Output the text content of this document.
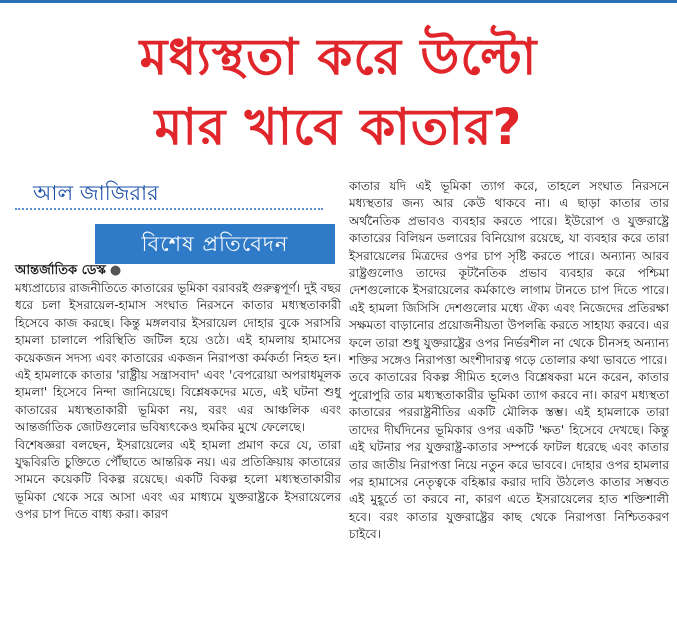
মধ্যস্থতা করে উল্টো
মার খাবে কাতার?
আল জাজিরার
বিশেষ প্রতিবেদন
আন্তর্জাতিক ডেস্ক ●

মধ্যপ্রাচ্যের রাজনীতিতে কাতারের ভূমিকা বরাবরই গুরুত্বপূর্ণ। দুই বছর ধরে চলা ইসরায়েল-হামাস সংঘাত নিরসনে কাতার মধ্যস্থতাকারী হিসেবে কাজ করছে। কিন্তু মঙ্গলবার ইসরায়েল দোহার বুকে সরাসরি হামলা চালালে পরিস্থিতি জটিল হয়ে ওঠে। এই হামলায় হামাসের কয়েকজন সদস্য এবং কাতারের একজন নিরাপত্তা কর্মকর্তা নিহত হন। এই হামলাকে কাতার 'রাষ্ট্রীয় সন্ত্রাসবাদ' এবং 'বেপরোয়া অপরাধমূলক হামলা' হিসেবে নিন্দা জানিয়েছে। বিশ্লেষকদের মতে, এই ঘটনা শুধু কাতারের মধ্যস্থতাকারী ভূমিকা নয়, বরং এর আঞ্চলিক এবং আন্তর্জাতিক জোটগুলোর ভবিষ্যৎকেও হুমকির মুখে ফেলেছে।

বিশেষজ্ঞরা বলছেন, ইসরায়েলের এই হামলা প্রমাণ করে যে, তারা যুদ্ধবিরতি চুক্তিতে পৌঁছাতে আন্তরিক নয়। এর প্রতিক্রিয়ায় কাতারের সামনে কয়েকটি বিকল্প রয়েছে। একটি বিকল্প হলো মধ্যস্থতাকারীর ভূমিকা থেকে সরে আসা এবং এর মাধ্যমে যুক্তরাষ্ট্রকে ইসরায়েলের ওপর চাপ দিতে বাধ্য করা। কারণ

কাতার যদি এই ভূমিকা ত্যাগ করে, তাহলে সংঘাত নিরসনে মধ্যস্থতার জন্য আর কেউ থাকবে না। এ ছাড়া কাতার তার অর্থনৈতিক প্রভাবও ব্যবহার করতে পারে। ইউরোপ ও যুক্তরাষ্ট্রে কাতারের বিলিয়ন ডলারের বিনিয়োগ রয়েছে, যা ব্যবহার করে তারা ইসরায়েলের মিত্রদের ওপর চাপ সৃষ্টি করতে পারে। অন্যান্য আরব রাষ্ট্রগুলোও তাদের কূটনৈতিক প্রভাব ব্যবহার করে পশ্চিমা দেশগুলোকে ইসরায়েলের কর্মকাণ্ডে লাগাম টানতে চাপ দিতে পারে। এই হামলা জিসিসি দেশগুলোর মধ্যে ঐক্য এবং নিজেদের প্রতিরক্ষা সক্ষমতা বাড়ানোর প্রয়োজনীয়তা উপলব্ধি করতে সাহায্য করবে। এর ফলে তারা শুধু যুক্তরাষ্ট্রের ওপর নির্ভরশীল না থেকে চীনসহ অন্যান্য শক্তির সঙ্গেও নিরাপত্তা অংশীদারত্ব গড়ে তোলার কথা ভাবতে পারে।

তবে কাতারের বিকল্প সীমিত হলেও বিশ্লেষকরা মনে করেন, কাতার পুরোপুরি তার মধ্যস্থতাকারীর ভূমিকা ত্যাগ করবে না। কারণ মধ্যস্থতা কাতারের পররাষ্ট্রনীতির একটি মৌলিক স্তম্ভ। এই হামলাকে তারা তাদের দীর্ঘদিনের ভূমিকার ওপর একটি 'ক্ষত' হিসেবে দেখছে। কিন্তু এই ঘটনার পর যুক্তরাষ্ট্র-কাতার সম্পর্কে ফাটল ধরেছে এবং কাতার তার জাতীয় নিরাপত্তা নিয়ে নতুন করে ভাববে। দোহার ওপর হামলার পর হামাসের নেতৃত্বকে বহিষ্কার করার দাবি উঠলেও কাতার সম্ভবত এই মুহূর্তে তা করবে না, কারণ এতে ইসরায়েলের হাত শক্তিশালী হবে। বরং কাতার যুক্তরাষ্ট্রের কাছ থেকে নিরাপত্তা নিশ্চিতকরণ চাইবে।
